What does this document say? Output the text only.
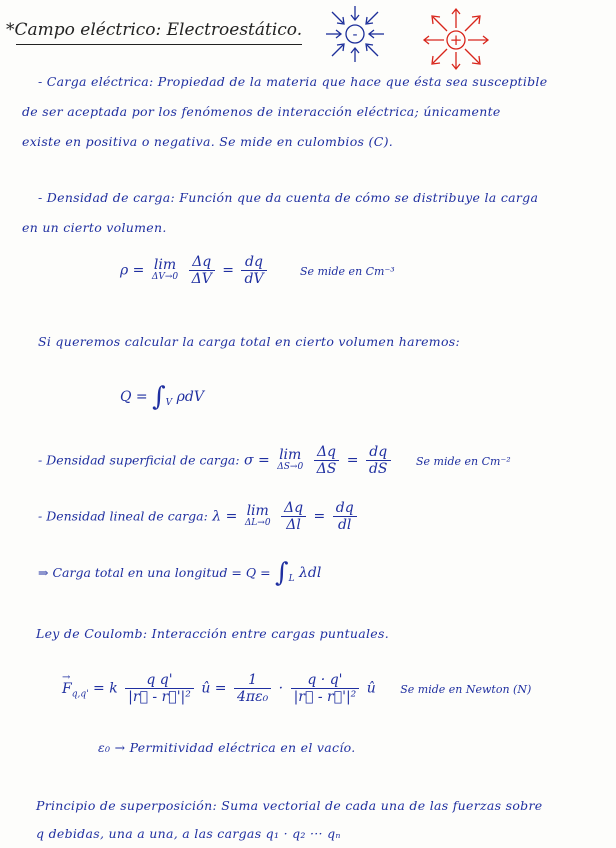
*Campo eléctrico: Electroestático.	-	+
- Carga eléctrica: Propiedad de la materia que hace que ésta sea susceptible
de ser aceptada por los fenómenos de interacción eléctrica; únicamente
existe en positiva o negativa. Se mide en culombios (C).
- Densidad de carga: Función que da cuenta de cómo se distribuye la carga
en un cierto volumen.
ρ = lim
ΔV→0
$\frac{\Delta q}{\Delta V} = \frac{dq}{dV}$	Se mide en Cm⁻³
Si queremos calcular la carga total en cierto volumen haremos:
$Q = \int_V$ ρdV
- Densidad superficial de carga: σ = lim
ΔS→0
$\frac{\Delta q}{\Delta S} = \frac{dq}{dS}$ Se mide en Cm⁻²
- Densidad lineal de carga: λ = lim
ΔL→0
$\frac{\Delta q}{\Delta l} = \frac{dq}{dl}$
⇒ Carga total en una longitud = $Q = \int_L$ λdl
Ley de Coulomb: Interacción entre cargas puntuales.
→
$F_{q,q'} = k \frac{\text{q q'}}{\text{|r⃗ - r⃗'|²}}$ û = $\frac{1}{\text{4πε₀}} \cdot \frac{q \cdot q'}{\text{|r⃗ - r⃗'|²}}$ û Se mide en Newton (N)
ε₀ → Permitividad eléctrica en el vacío.
Principio de superposición: Suma vectorial de cada una de las fuerzas sobre
q debidas, una a una, a las cargas q₁ · q₂ ··· qₙ
